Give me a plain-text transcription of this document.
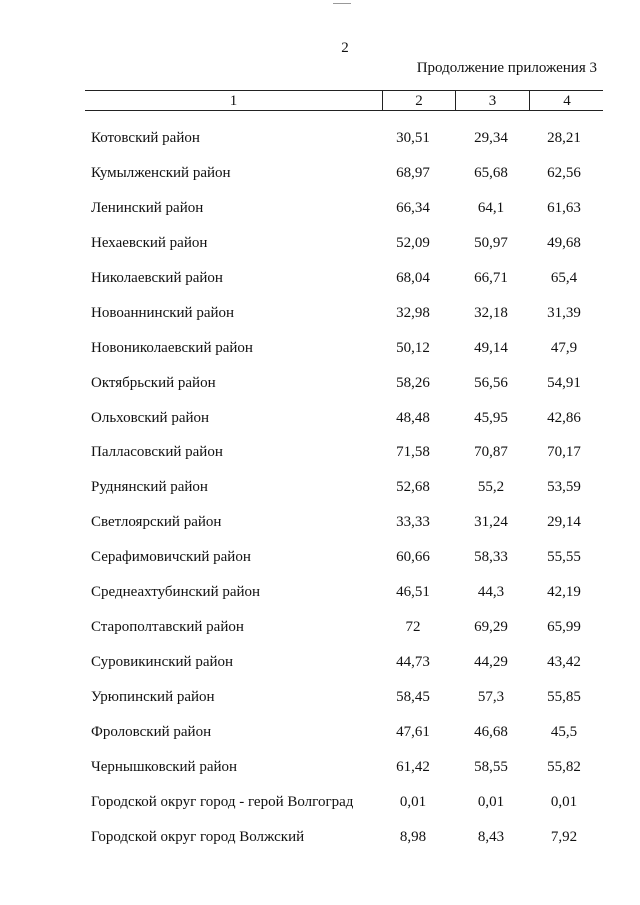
2
Продолжение приложения 3
1	2	3	4
Котовский район	30,51	29,34	28,21
Кумылженский район	68,97	65,68	62,56
Ленинский район	66,34	64,1	61,63
Нехаевский район	52,09	50,97	49,68
Николаевский район	68,04	66,71	65,4
Новоаннинский район	32,98	32,18	31,39
Новониколаевский район	50,12	49,14	47,9
Октябрьский район	58,26	56,56	54,91
Ольховский район	48,48	45,95	42,86
Палласовский район	71,58	70,87	70,17
Руднянский район	52,68	55,2	53,59
Светлоярский район	33,33	31,24	29,14
Серафимовичский район	60,66	58,33	55,55
Среднеахтубинский район	46,51	44,3	42,19
Старополтавский район	72	69,29	65,99
Суровикинский район	44,73	44,29	43,42
Урюпинский район	58,45	57,3	55,85
Фроловский район	47,61	46,68	45,5
Чернышковский район	61,42	58,55	55,82
Городской округ город - герой Волгоград	0,01	0,01	0,01
Городской округ город Волжский	8,98	8,43	7,92
